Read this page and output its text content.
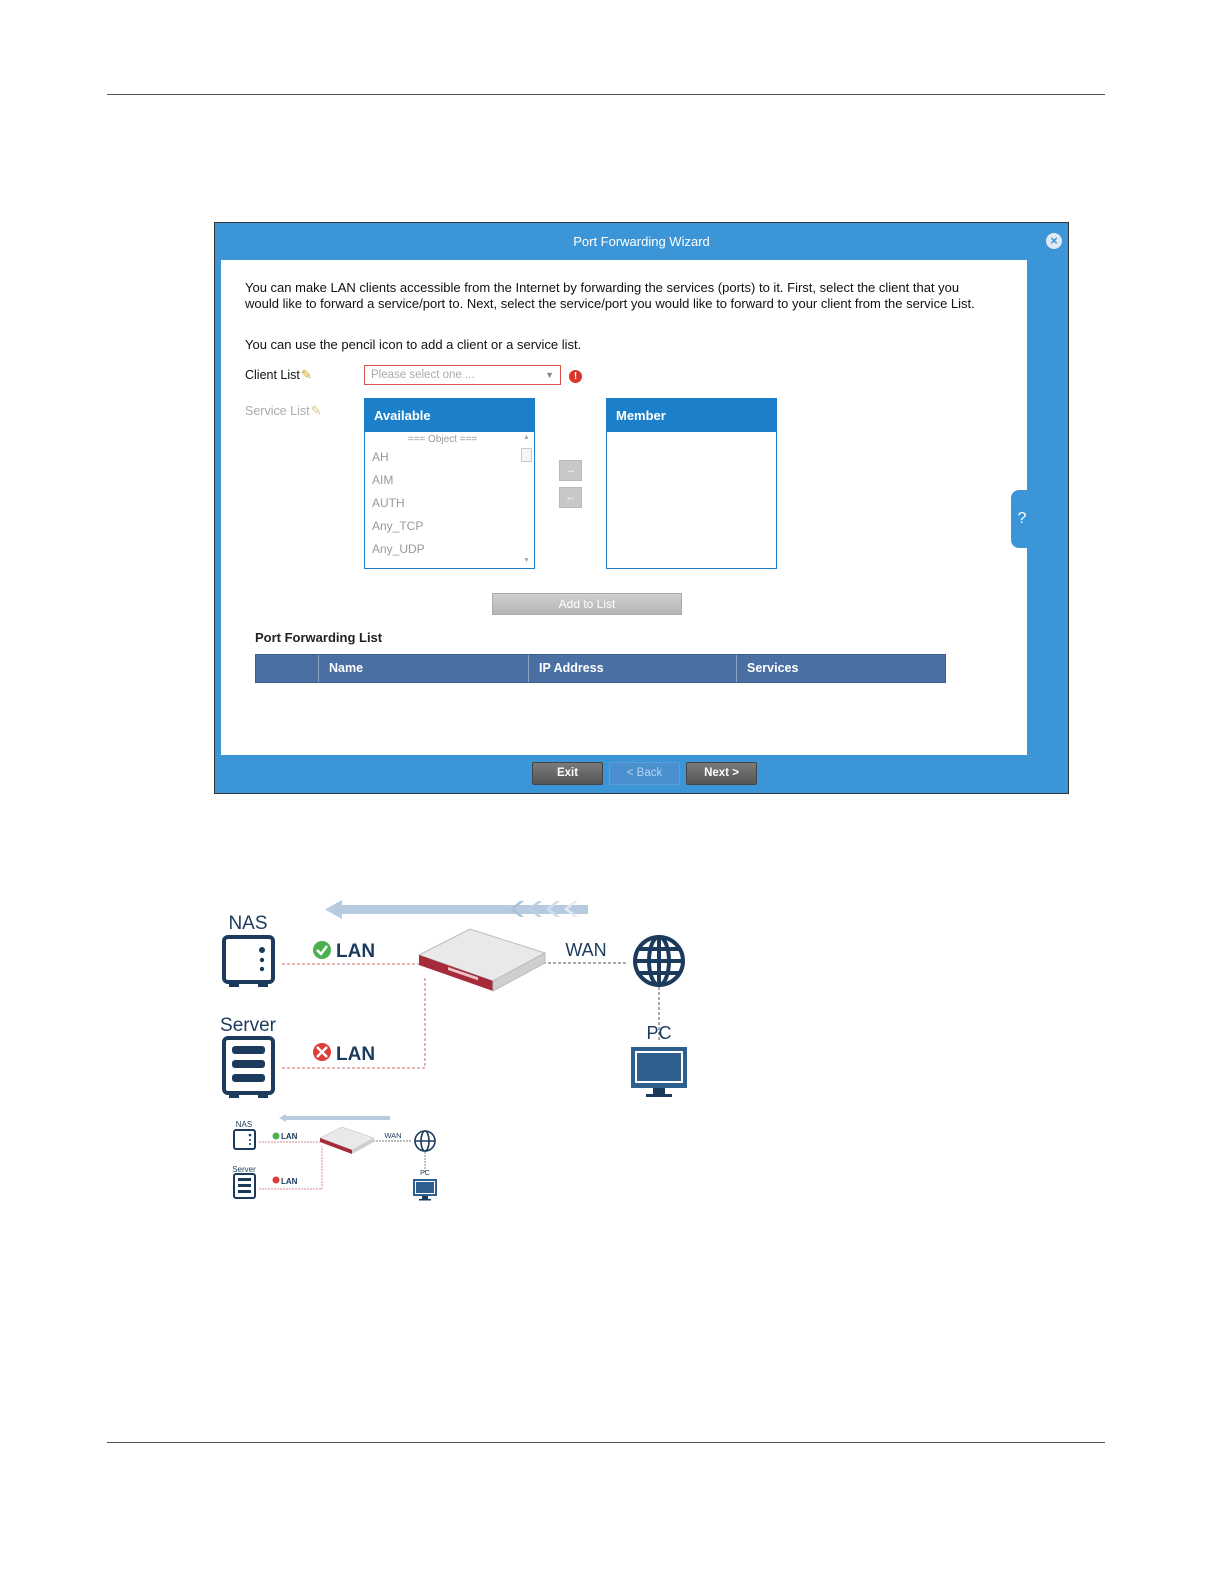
Port Forwarding Wizard	×

You can make LAN clients accessible from the Internet by forwarding the services (ports) to it. First, select the client that you would like to forward a service/port to. Next, select the service/port you would like to forward to your client from the service List.

You can use the pencil icon to add a client or a service list.

Client List✎	Please select one ...	▼	!
Service List✎	Available
=== Object ===
AH
AIM
AUTH
Any_TCP
Any_UDP
▲
▼
→
←
Member
Add to List
Port Forwarding List
Name	IP Address	Services
?
Exit	< Back	Next >
NAS
Server
LAN
LAN
WAN
PC
NAS
Server
LAN
LAN
WAN
PC
